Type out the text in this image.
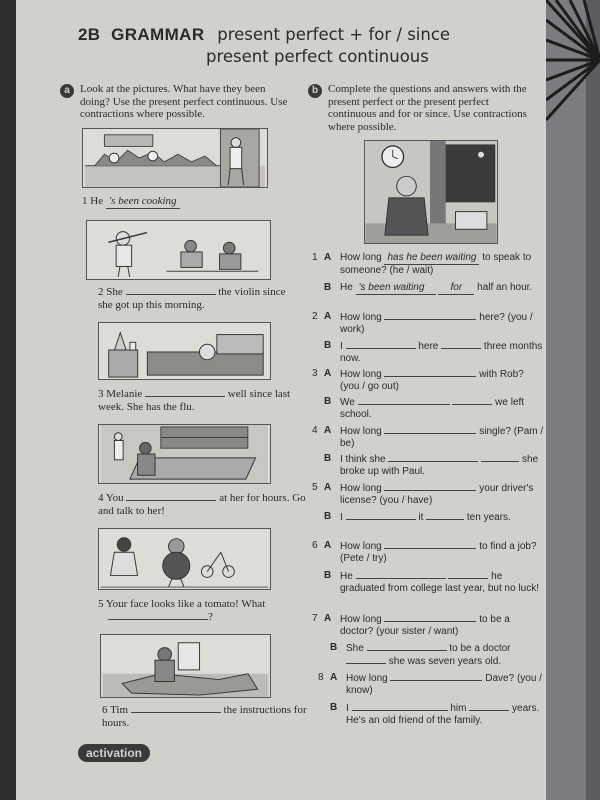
2B GRAMMAR present perfect + for / since
present perfect continuous
a Look at the pictures. What have they been doing? Use the present perfect continuous. Use contractions where possible.
1 He 's been cooking
2 She	the violin since she got up this morning.
3 Melanie	well since last week. She has the flu.
4 You	at her for hours. Go and talk to her!
5 Your face looks like a tomato! What
?
6 Tim	the instructions for hours.
b Complete the questions and answers with the present perfect or the present perfect continuous and for or since. Use contractions where possible.
1 A How long has he been waiting to speak to someone? (he / wait)
B He 's been waiting	for half an hour.
2 A How long	here? (you / work)
B I	here	three months now.
3 A How long	with Rob? (you / go out)
B We	we left school.
4 A How long	single? (Pam / be)
B I think she	she broke up with Paul.
5 A How long	your driver's license? (you / have)
B I	it	ten years.
6 A How long	to find a job? (Pete / try)
B He	he graduated from college last year, but no luck!
7 A How long	to be a doctor? (your sister / want)
B She	to be a doctor  she was seven years old.
8 A How long	Dave? (you / know)
B I	him	years. He's an old friend of the family.
activation
